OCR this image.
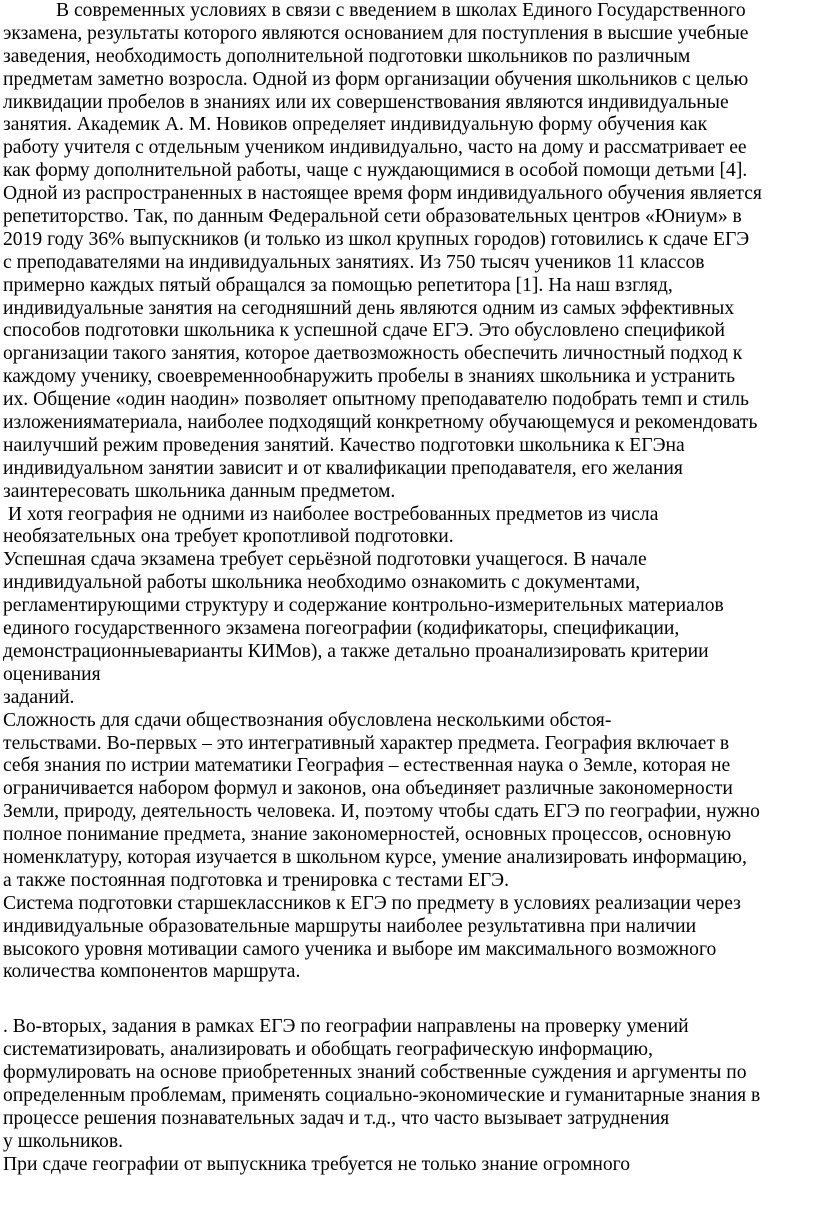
В современных условиях в связи с введением в школах Единого Государственного
экзамена, результаты которого являются основанием для поступления в высшие учебные
заведения, необходимость дополнительной подготовки школьников по различным
предметам заметно возросла. Одной из форм организации обучения школьников с целью
ликвидации пробелов в знаниях или их совершенствования являются индивидуальные
занятия. Академик А. М. Новиков определяет индивидуальную форму обучения как
работу учителя с отдельным учеником индивидуально, часто на дому и рассматривает ее
как форму дополнительной работы, чаще с нуждающимися в особой помощи детьми [4].
Одной из распространенных в настоящее время форм индивидуального обучения является
репетиторство. Так, по данным Федеральной сети образовательных центров «Юниум» в
2019 году 36% выпускников (и только из школ крупных городов) готовились к сдаче ЕГЭ
с преподавателями на индивидуальных занятиях. Из 750 тысяч учеников 11 классов
примерно каждых пятый обращался за помощью репетитора [1]. На наш взгляд,
индивидуальные занятия на сегодняшний день являются одним из самых эффективных
способов подготовки школьника к успешной сдаче ЕГЭ. Это обусловлено спецификой
организации такого занятия, которое даетвозможность обеспечить личностный подход к
каждому ученику, своевременнообнаружить пробелы в знаниях школьника и устранить
их. Общение «один наодин» позволяет опытному преподавателю подобрать темп и стиль
изложенияматериала, наиболее подходящий конкретному обучающемуся и рекомендовать
наилучший режим проведения занятий. Качество подготовки школьника к ЕГЭна
индивидуальном занятии зависит и от квалификации преподавателя, его желания
заинтересовать школьника данным предметом.
И хотя география не одними из наиболее востребованных предметов из числа
необязательных она требует кропотливой подготовки.
Успешная сдача экзамена требует серьёзной подготовки учащегося. В начале
индивидуальной работы школьника необходимо ознакомить с документами,
регламентирующими структуру и содержание контрольно-измерительных материалов
единого государственного экзамена погеографии (кодификаторы, спецификации,
демонстрационныеварианты КИМов), а также детально проанализировать критерии
оценивания
заданий.
Сложность для сдачи обществознания обусловлена несколькими обстоя-
тельствами. Во-первых – это интегративный характер предмета. География включает в
себя знания по истрии математики География – естественная наука о Земле, которая не
ограничивается набором формул и законов, она объединяет различные закономерности
Земли, природу, деятельность человека. И, поэтому чтобы сдать ЕГЭ по географии, нужно
полное понимание предмета, знание закономерностей, основных процессов, основную
номенклатуру, которая изучается в школьном курсе, умение анализировать информацию,
а также постоянная подготовка и тренировка с тестами ЕГЭ.
Система подготовки старшеклассников к ЕГЭ по предмету в условиях реализации через
индивидуальные образовательные маршруты наиболее результативна при наличии
высокого уровня мотивации самого ученика и выборе им максимального возможного
количества компонентов маршрута.
. Во-вторых, задания в рамках ЕГЭ по географии направлены на проверку умений
систематизировать, анализировать и обобщать географическую информацию,
формулировать на основе приобретенных знаний собственные суждения и аргументы по
определенным проблемам, применять социально-экономические и гуманитарные знания в
процессе решения познавательных задач и т.д., что часто вызывает затруднения
у школьников.
При сдаче географии от выпускника требуется не только знание огромного
